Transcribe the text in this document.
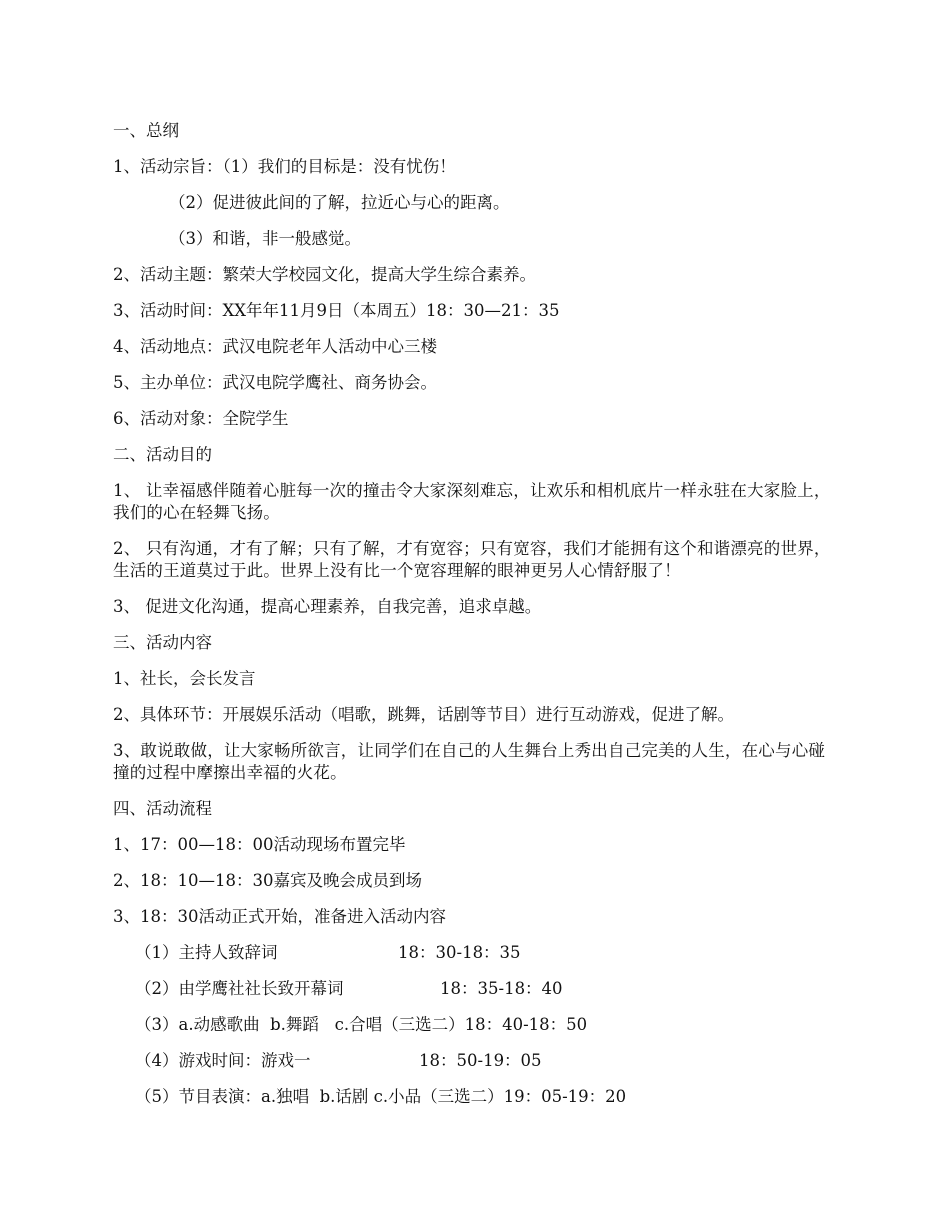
一、总纲
1、活动宗旨：（1）我们的目标是：没有忧伤！
（2）促进彼此间的了解，拉近心与心的距离。
（3）和谐，非一般感觉。
2、活动主题：繁荣大学校园文化，提高大学生综合素养。
3、活动时间：XX年年11月9日（本周五）18：30—21：35
4、活动地点：武汉电院老年人活动中心三楼
5、主办单位：武汉电院学鹰社、商务协会。
6、活动对象：全院学生
二、活动目的
1、 让幸福感伴随着心脏每一次的撞击令大家深刻难忘，让欢乐和相机底片一样永驻在大家脸上，我们的心在轻舞飞扬。
2、 只有沟通，才有了解；只有了解，才有宽容；只有宽容，我们才能拥有这个和谐漂亮的世界，生活的王道莫过于此。世界上没有比一个宽容理解的眼神更另人心情舒服了！
3、 促进文化沟通，提高心理素养，自我完善，追求卓越。
三、活动内容
1、社长，会长发言
2、具体环节：开展娱乐活动（唱歌，跳舞，话剧等节目）进行互动游戏，促进了解。
3、敢说敢做，让大家畅所欲言，让同学们在自己的人生舞台上秀出自己完美的人生，在心与心碰撞的过程中摩擦出幸福的火花。
四、活动流程
1、17：00—18：00活动现场布置完毕
2、18：10—18：30嘉宾及晚会成员到场
3、18：30活动正式开始，准备进入活动内容
（1）主持人致辞词	18：30-18：35
（2）由学鹰社社长致开幕词	18：35-18：40
（3）a.动感歌曲  b.舞蹈   c.合唱（三选二） 18：40-18：50
（4）游戏时间：游戏一	18：50-19：05
（5）节目表演：a.独唱  b.话剧 c.小品（三选二） 19：05-19：20
